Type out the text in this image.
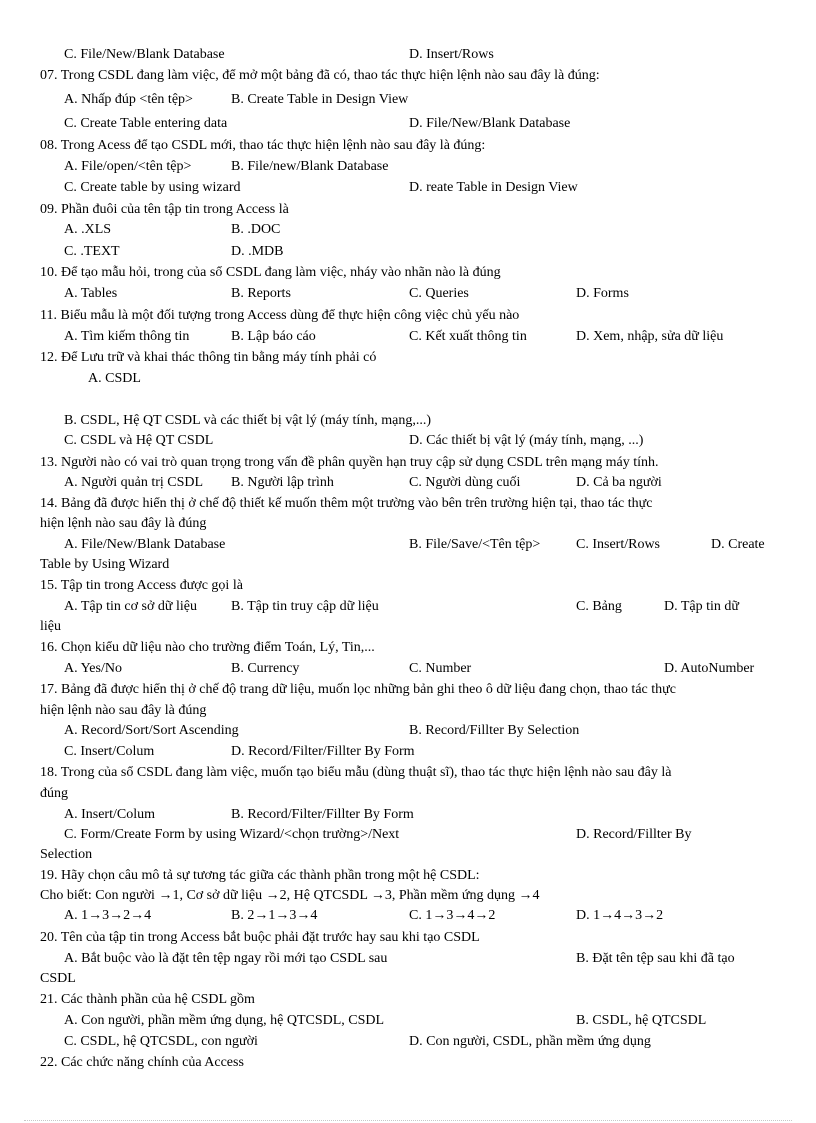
C. File/New/Blank Database	D. Insert/Rows
07. Trong CSDL đang làm việc, để mở một bảng đã có, thao tác thực hiện lệnh nào sau đây là đúng:
A. Nhấp đúp <tên tệp>	B. Create Table in Design View
C. Create Table entering data	D. File/New/Blank Database
08. Trong Acess để tạo CSDL mới, thao tác thực hiện lệnh nào sau đây là đúng:
A. File/open/<tên tệp>	B. File/new/Blank Database
C. Create table by using wizard	D. reate Table in Design View
09. Phần đuôi của tên tập tin trong Access là
A. .XLS	B. .DOC
C. .TEXT	D. .MDB
10. Để tạo mẫu hỏi, trong của sổ CSDL đang làm việc, nháy vào nhãn nào là đúng
A. Tables	B. Reports	C. Queries	D. Forms
11. Biểu mẫu là một đối tượng trong Access dùng để thực hiện công việc chủ yếu nào
A. Tìm kiếm thông tin	B. Lập báo cáo	C. Kết xuất thông tin	D. Xem, nhập, sửa dữ liệu
12. Để Lưu trữ và khai thác thông tin bằng máy tính phải có
A. CSDL
B. CSDL, Hệ QT CSDL và các thiết bị vật lý (máy tính, mạng,...)
C. CSDL và Hệ QT CSDL	D. Các thiết bị vật lý (máy tính, mạng, ...)
13. Người nào có vai trò quan trọng trong vấn đề phân quyền hạn truy cập sử dụng CSDL trên mạng máy tính.
A. Người quản trị CSDL B. Người lập trình	C. Người dùng cuối	D. Cả ba người
14. Bảng đã được hiển thị ở chế độ thiết kế muốn thêm một trường vào bên trên trường hiện tại, thao tác thực
hiện lệnh nào sau đây là đúng
A. File/New/Blank Database	B. File/Save/<Tên tệp>	C. Insert/Rows	D. Create
Table by Using Wizard
15. Tập tin trong Access được gọi là
A. Tập tin cơ sở dữ liệu B. Tập tin truy cập dữ liệu	C. Bảng	D. Tập tin dữ
liệu
16. Chọn kiểu dữ liệu nào cho trường điểm Toán, Lý, Tin,...
A. Yes/No	B. Currency	C. Number	D. AutoNumber
17. Bảng đã được hiển thị ở chế độ trang dữ liệu, muốn lọc những bản ghi theo ô dữ liệu đang chọn, thao tác thực
hiện lệnh nào sau đây là đúng
A. Record/Sort/Sort Ascending	B. Record/Fillter By Selection
C. Insert/Colum	D. Record/Filter/Fillter By Form
18. Trong của sổ CSDL đang làm việc, muốn tạo biểu mẫu (dùng thuật sĩ), thao tác thực hiện lệnh nào sau đây là
đúng
A. Insert/Colum	B. Record/Filter/Fillter By Form
C. Form/Create Form by using Wizard/<chọn trường>/Next	D. Record/Fillter By
Selection
19. Hãy chọn câu mô tả sự tương tác giữa các thành phần trong một hệ CSDL:
Cho biết: Con người →1, Cơ sở dữ liệu →2, Hệ QTCSDL →3, Phần mềm ứng dụng →4
A. 1→3→2→4	B. 2→1→3→4	C. 1→3→4→2	D. 1→4→3→2
20. Tên của tập tin trong Access bắt buộc phải đặt trước hay sau khi tạo CSDL
A. Bắt buộc vào là đặt tên tệp ngay rồi mới tạo CSDL sau	B. Đặt tên tệp sau khi đã tạo
CSDL
21. Các thành phần của hệ CSDL gồm
A. Con người, phần mềm ứng dụng, hệ QTCSDL, CSDL	B. CSDL, hệ QTCSDL
C. CSDL, hệ QTCSDL, con người	D. Con người, CSDL, phần mềm ứng dụng
22. Các chức năng chính của Access
